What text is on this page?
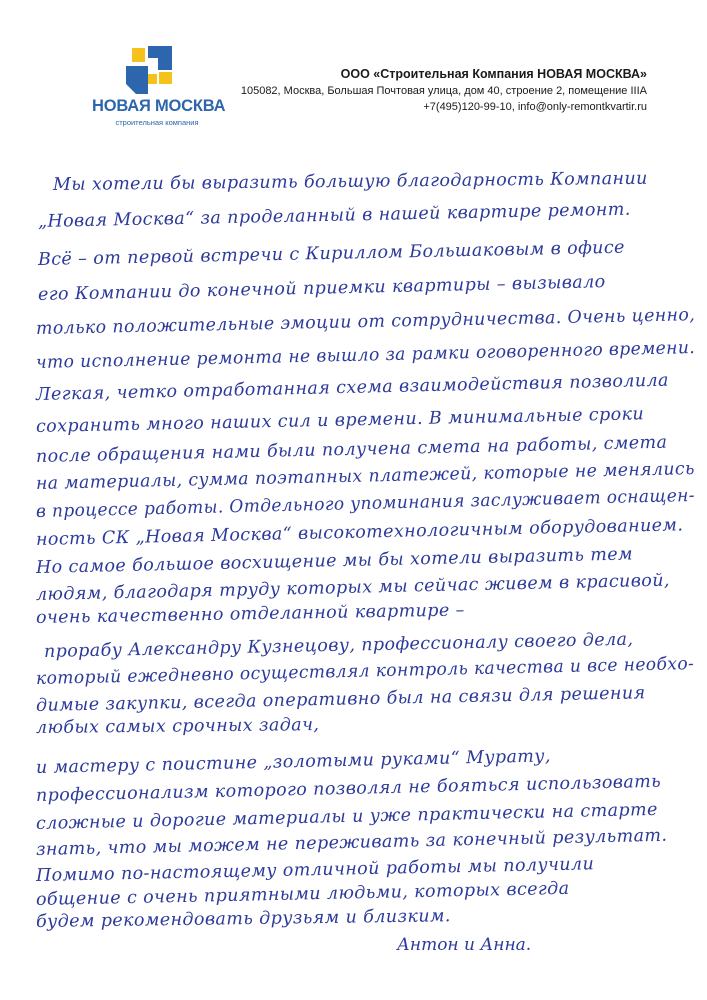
НОВАЯ МОСКВА
строительная компания
ООО «Строительная Компания НОВАЯ МОСКВА»
105082, Москва, Большая Почтовая улица, дом 40, строение 2, помещение IIIA
+7(495)120-99-10, info@only-remontkvartir.ru
Мы хотели бы выразить большую благодарность Компании
„Новая Москва“ за проделанный в нашей квартире ремонт.
Всё – от первой встречи с Кириллом Большаковым в офисе
его Компании до конечной приемки квартиры – вызывало
только положительные эмоции от сотрудничества. Очень ценно,
что исполнение ремонта не вышло за рамки оговоренного времени.
Легкая, четко отработанная схема взаимодействия позволила
сохранить много наших сил и времени. В минимальные сроки
после обращения нами были получена смета на работы, смета
на материалы, сумма поэтапных платежей, которые не менялись
в процессе работы. Отдельного упоминания заслуживает оснащен-
ность СК „Новая Москва“ высокотехнологичным оборудованием.
Но самое большое восхищение мы бы хотели выразить тем
людям, благодаря труду которых мы сейчас живем в красивой,
очень качественно отделанной квартире –
прорабу Александру Кузнецову, профессионалу своего дела,
который ежедневно осуществлял контроль качества и все необхо-
димые закупки, всегда оперативно был на связи для решения
любых самых срочных задач,
и мастеру с поистине „золотыми руками“ Мурату,
профессионализм которого позволял не бояться использовать
сложные и дорогие материалы и уже практически на старте
знать, что мы можем не переживать за конечный результат.
Помимо по-настоящему отличной работы мы получили
общение с очень приятными людьми, которых всегда
будем рекомендовать друзьям и близким.
Антон и Анна.
